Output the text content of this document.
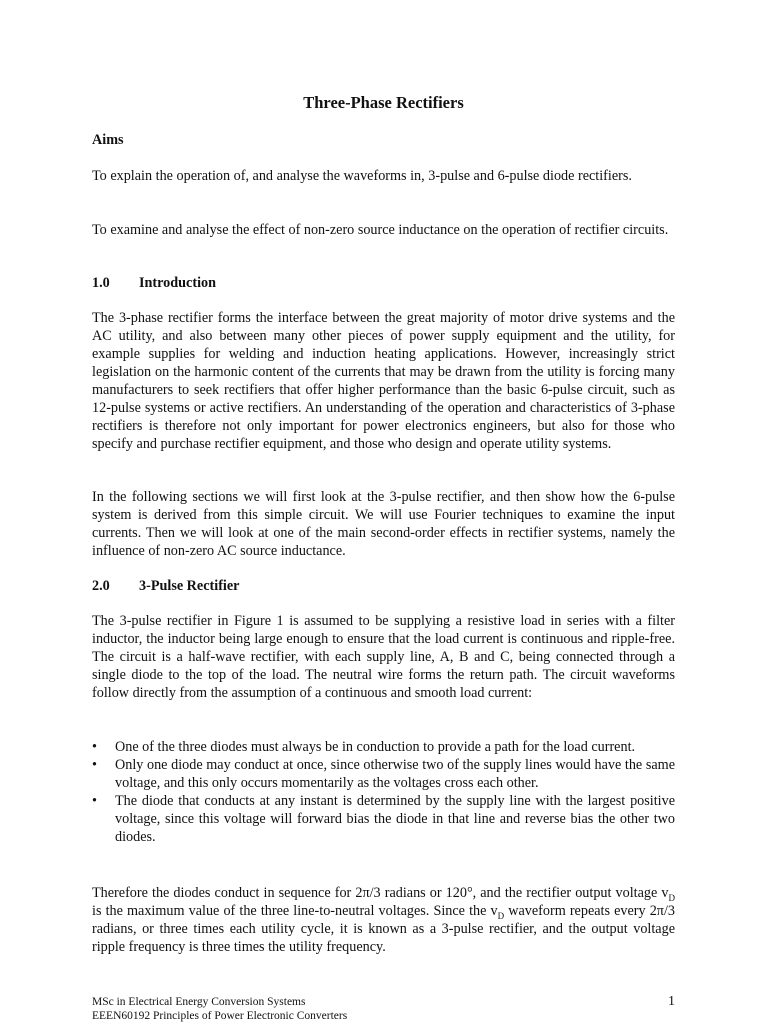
Three-Phase Rectifiers

Aims

To explain the operation of, and analyse the waveforms in, 3-pulse and 6-pulse diode rectifiers.

To examine and analyse the effect of non-zero source inductance on the operation of rectifier circuits.

1.0 Introduction

The 3-phase rectifier forms the interface between the great majority of motor drive systems and the AC utility, and also between many other pieces of power supply equipment and the utility, for example supplies for welding and induction heating applications. However, increasingly strict legislation on the harmonic content of the currents that may be drawn from the utility is forcing many manufacturers to seek rectifiers that offer higher performance than the basic 6-pulse circuit, such as 12-pulse systems or active rectifiers. An understanding of the operation and characteristics of 3-phase rectifiers is therefore not only important for power electronics engineers, but also for those who specify and purchase rectifier equipment, and those who design and operate utility systems.

In the following sections we will first look at the 3-pulse rectifier, and then show how the 6-pulse system is derived from this simple circuit. We will use Fourier techniques to examine the input currents. Then we will look at one of the main second-order effects in rectifier systems, namely the influence of non-zero AC source inductance.

2.0 3-Pulse Rectifier

The 3-pulse rectifier in Figure 1 is assumed to be supplying a resistive load in series with a filter inductor, the inductor being large enough to ensure that the load current is continuous and ripple-free. The circuit is a half-wave rectifier, with each supply line, A, B and C, being connected through a single diode to the top of the load. The neutral wire forms the return path. The circuit waveforms follow directly from the assumption of a continuous and smooth load current:

• One of the three diodes must always be in conduction to provide a path for the load current.
• Only one diode may conduct at once, since otherwise two of the supply lines would have the same voltage, and this only occurs momentarily as the voltages cross each other.
• The diode that conducts at any instant is determined by the supply line with the largest positive voltage, since this voltage will forward bias the diode in that line and reverse bias the other two diodes.

Therefore the diodes conduct in sequence for 2π/3 radians or 120°, and the rectifier output voltage $v_D$ is the maximum value of the three line-to-neutral voltages. Since the $v_D$ waveform repeats every 2π/3 radians, or three times each utility cycle, it is known as a 3-pulse rectifier, and the output voltage ripple frequency is three times the utility frequency.

MSc in Electrical Energy Conversion Systems
EEEN60192 Principles of Power Electronic Converters
1
